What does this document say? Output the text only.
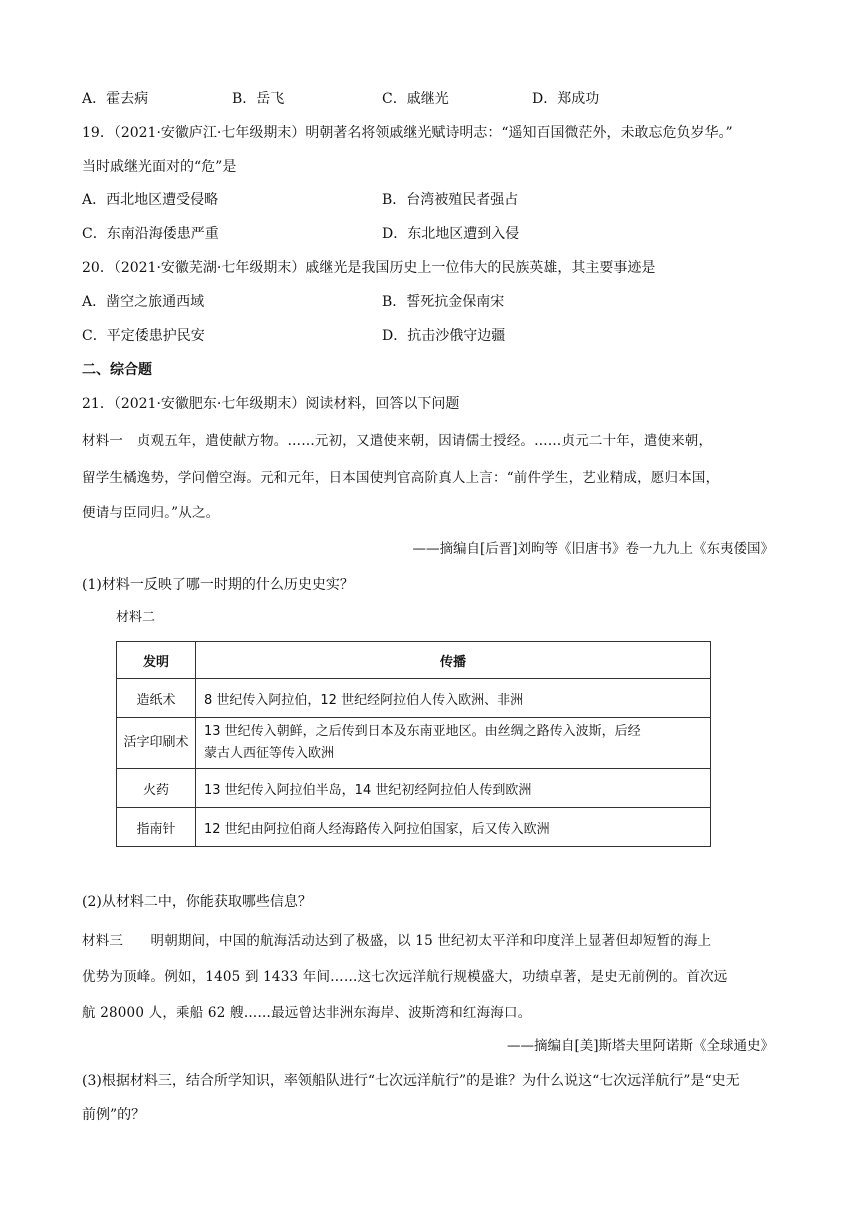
A．霍去病	B．岳飞	C．戚继光	D．郑成功
19．（2021·安徽庐江·七年级期末）明朝著名将领戚继光赋诗明志：“遥知百国微茫外，未敢忘危负岁华。”
当时戚继光面对的“危”是
A．西北地区遭受侵略	B．台湾被殖民者强占
C．东南沿海倭患严重	D．东北地区遭到入侵
20．（2021·安徽芜湖·七年级期末）戚继光是我国历史上一位伟大的民族英雄，其主要事迹是
A．凿空之旅通西域	B．誓死抗金保南宋
C．平定倭患护民安	D．抗击沙俄守边疆
二、综合题
21．（2021·安徽肥东·七年级期末）阅读材料，回答以下问题
材料一　贞观五年，遣使献方物。……元初，又遣使来朝，因请儒士授经。……贞元二十年，遣使来朝，
留学生橘逸势，学问僧空海。元和元年，日本国使判官高阶真人上言：“前件学生，艺业精成，愿归本国，
便请与臣同归。”从之。
——摘编自[后晋]刘昫等《旧唐书》卷一九九上《东夷倭国》
(1)材料一反映了哪一时期的什么历史史实？
材料二
发明	传播
造纸术	8 世纪传入阿拉伯，12 世纪经阿拉伯人传入欧洲、非洲
活字印刷术	13 世纪传入朝鲜，之后传到日本及东南亚地区。由丝绸之路传入波斯，后经
蒙古人西征等传入欧洲

火药	13 世纪传入阿拉伯半岛，14 世纪初经阿拉伯人传到欧洲
指南针	12 世纪由阿拉伯商人经海路传入阿拉伯国家，后又传入欧洲
(2)从材料二中，你能获取哪些信息？
材料三　　明朝期间，中国的航海活动达到了极盛，以 15 世纪初太平洋和印度洋上显著但却短暂的海上
优势为顶峰。例如，1405 到 1433 年间……这七次远洋航行规模盛大，功绩卓著，是史无前例的。首次远
航 28000 人，乘船 62 艘……最远曾达非洲东海岸、波斯湾和红海海口。
——摘编自[美]斯塔夫里阿诺斯《全球通史》
(3)根据材料三，结合所学知识，率领船队进行“七次远洋航行”的是谁？为什么说这“七次远洋航行”是“史无
前例”的？
